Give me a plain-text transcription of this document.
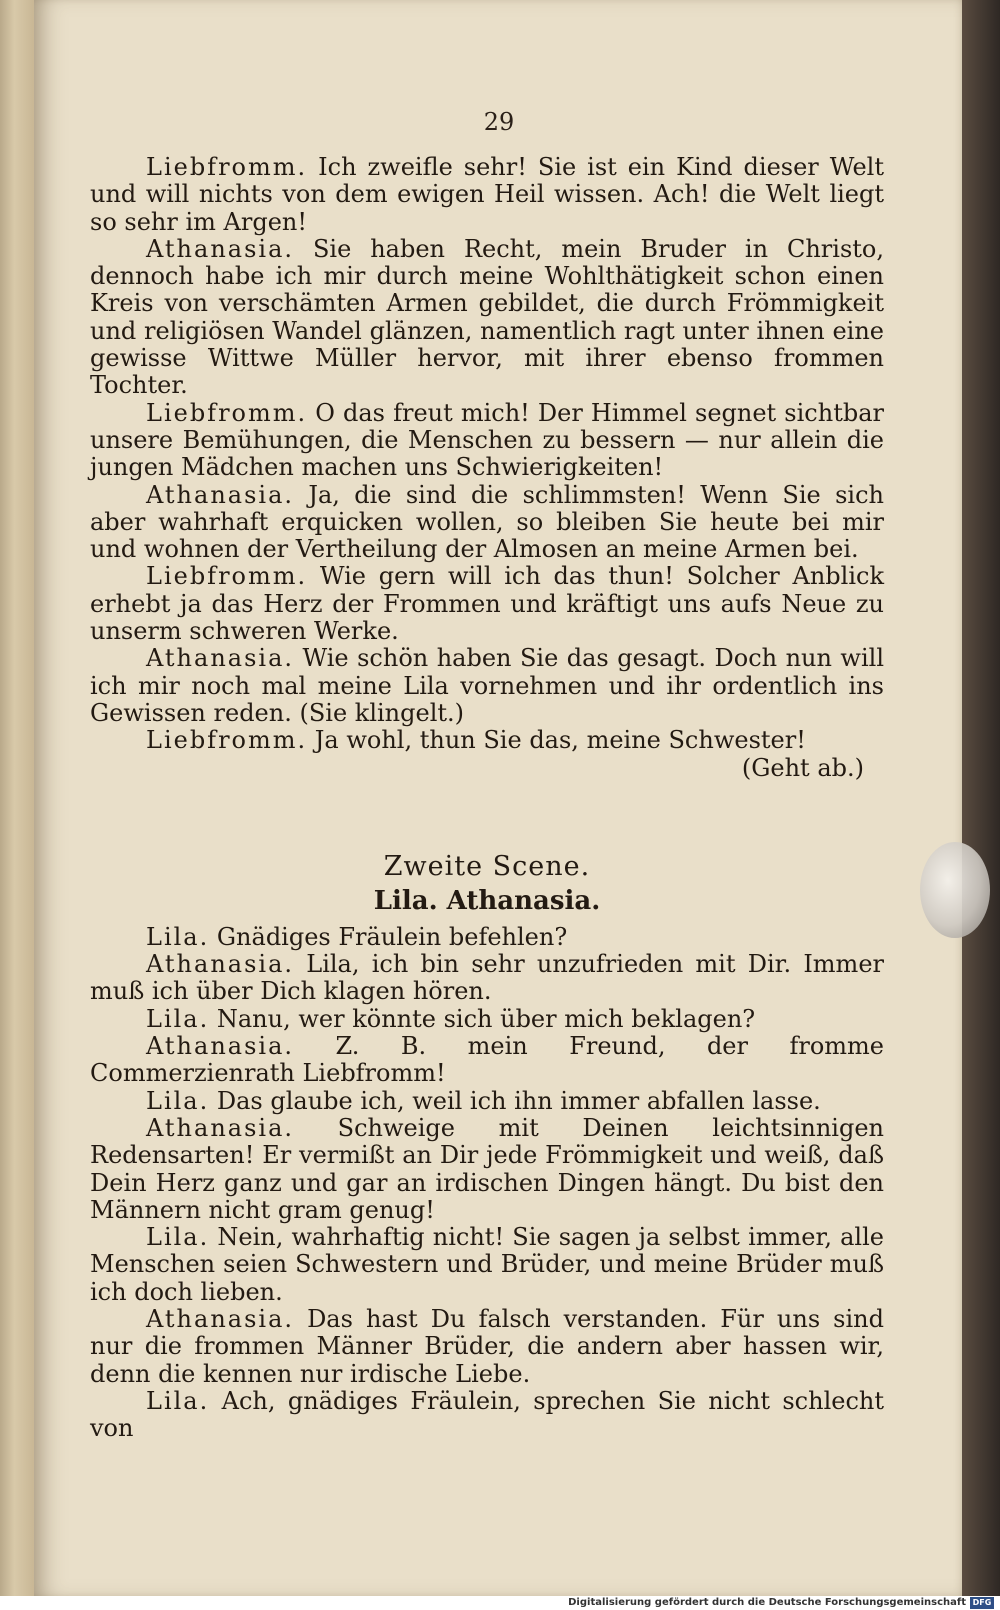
29

Liebfromm. Ich zweifle sehr! Sie ist ein Kind dieser Welt und will nichts von dem ewigen Heil wissen. Ach! die Welt liegt so sehr im Argen!

Athanasia. Sie haben Recht, mein Bruder in Christo, dennoch habe ich mir durch meine Wohlthätigkeit schon einen Kreis von verschämten Armen gebildet, die durch Frömmigkeit und religiösen Wandel glänzen, namentlich ragt unter ihnen eine gewisse Wittwe Müller hervor, mit ihrer ebenso frommen Tochter.

Liebfromm. O das freut mich! Der Himmel segnet sichtbar unsere Bemühungen, die Menschen zu bessern — nur allein die jungen Mädchen machen uns Schwierigkeiten!

Athanasia. Ja, die sind die schlimmsten! Wenn Sie sich aber wahrhaft erquicken wollen, so bleiben Sie heute bei mir und wohnen der Vertheilung der Almosen an meine Armen bei.

Liebfromm. Wie gern will ich das thun! Solcher Anblick erhebt ja das Herz der Frommen und kräftigt uns aufs Neue zu unserm schweren Werke.

Athanasia. Wie schön haben Sie das gesagt. Doch nun will ich mir noch mal meine Lila vornehmen und ihr ordentlich ins Gewissen reden. (Sie klingelt.)

Liebfromm. Ja wohl, thun Sie das, meine Schwester!

(Geht ab.)

Zweite Scene.

Lila. Athanasia.

Lila. Gnädiges Fräulein befehlen?

Athanasia. Lila, ich bin sehr unzufrieden mit Dir. Immer muß ich über Dich klagen hören.

Lila. Nanu, wer könnte sich über mich beklagen?

Athanasia. Z. B. mein Freund, der fromme Commerzienrath Liebfromm!

Lila. Das glaube ich, weil ich ihn immer abfallen lasse.

Athanasia. Schweige mit Deinen leichtsinnigen Redensarten! Er vermißt an Dir jede Frömmigkeit und weiß, daß Dein Herz ganz und gar an irdischen Dingen hängt. Du bist den Männern nicht gram genug!

Lila. Nein, wahrhaftig nicht! Sie sagen ja selbst immer, alle Menschen seien Schwestern und Brüder, und meine Brüder muß ich doch lieben.

Athanasia. Das hast Du falsch verstanden. Für uns sind nur die frommen Männer Brüder, die andern aber hassen wir, denn die kennen nur irdische Liebe.

Lila. Ach, gnädiges Fräulein, sprechen Sie nicht schlecht von

Digitalisierung gefördert durch die Deutsche Forschungsgemeinschaft DFG
